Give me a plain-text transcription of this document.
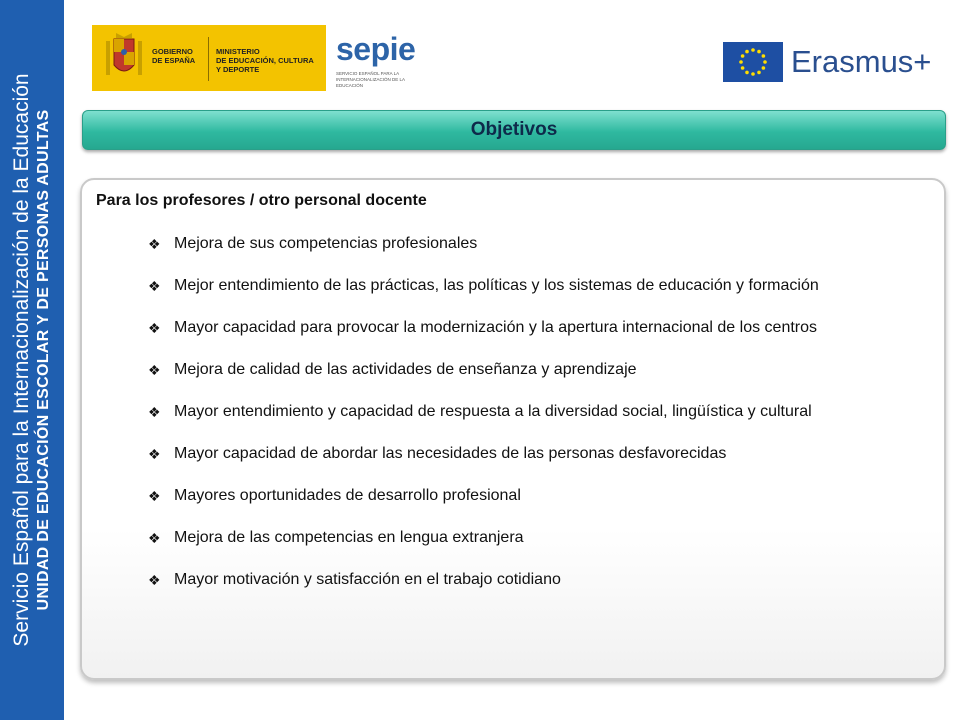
Servicio Español para la Internacionalización de la Educación UNIDAD DE EDUCACIÓN ESCOLAR Y DE PERSONAS ADULTAS
GOBIERNO
DE ESPAÑA
MINISTERIO
DE EDUCACIÓN, CULTURA
Y DEPORTE
sepie
SERVICIO ESPAÑOL PARA LA
INTERNACIONALIZACIÓN DE LA EDUCACIÓN
Erasmus+
Objetivos
Para los profesores / otro personal docente
❖ Mejora de sus competencias profesionales
❖ Mejor entendimiento de las prácticas, las políticas y los sistemas de educación y formación
❖ Mayor capacidad para provocar la modernización y la apertura internacional de los centros
❖ Mejora de calidad de las actividades de enseñanza y aprendizaje
❖ Mayor entendimiento y capacidad de respuesta a la diversidad social, lingüística y cultural
❖ Mayor capacidad de abordar las necesidades de las personas desfavorecidas
❖ Mayores oportunidades de desarrollo profesional
❖ Mejora de las competencias en lengua extranjera
❖ Mayor motivación y satisfacción en el trabajo cotidiano
